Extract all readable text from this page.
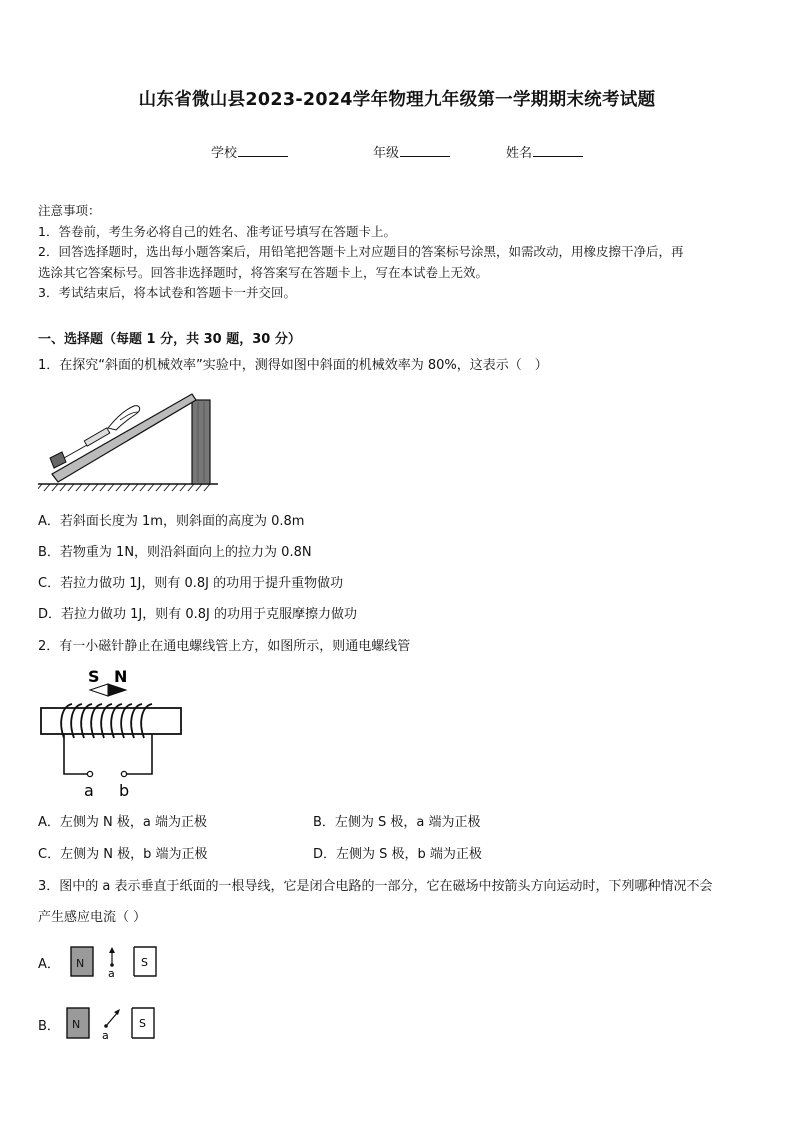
山东省微山县2023-2024学年物理九年级第一学期期末统考试题
学校	年级	姓名
注意事项：
1．答卷前，考生务必将自己的姓名、准考证号填写在答题卡上。
2．回答选择题时，选出每小题答案后，用铅笔把答题卡上对应题目的答案标号涂黑，如需改动，用橡皮擦干净后，再
选涂其它答案标号。回答非选择题时，将答案写在答题卡上，写在本试卷上无效。
3．考试结束后，将本试卷和答题卡一并交回。
一、选择题（每题 1 分，共 30 题，30 分）
1．在探究“斜面的机械效率”实验中，测得如图中斜面的机械效率为 80%，这表示（　）
A．若斜面长度为 1m，则斜面的高度为 0.8m
B．若物重为 1N，则沿斜面向上的拉力为 0.8N
C．若拉力做功 1J，则有 0.8J 的功用于提升重物做功
D．若拉力做功 1J，则有 0.8J 的功用于克服摩擦力做功
2．有一小磁针静止在通电螺线管上方，如图所示，则通电螺线管
S N
a b
A．左侧为 N 极，a 端为正极	B．左侧为 S 极，a 端为正极
C．左侧为 N 极，b 端为正极	D．左侧为 S 极，b 端为正极
3．图中的 a 表示垂直于纸面的一根导线，它是闭合电路的一部分，它在磁场中按箭头方向运动时，下列哪种情况不会
产生感应电流（ ）
A． N
a
S
B． N
a
S
